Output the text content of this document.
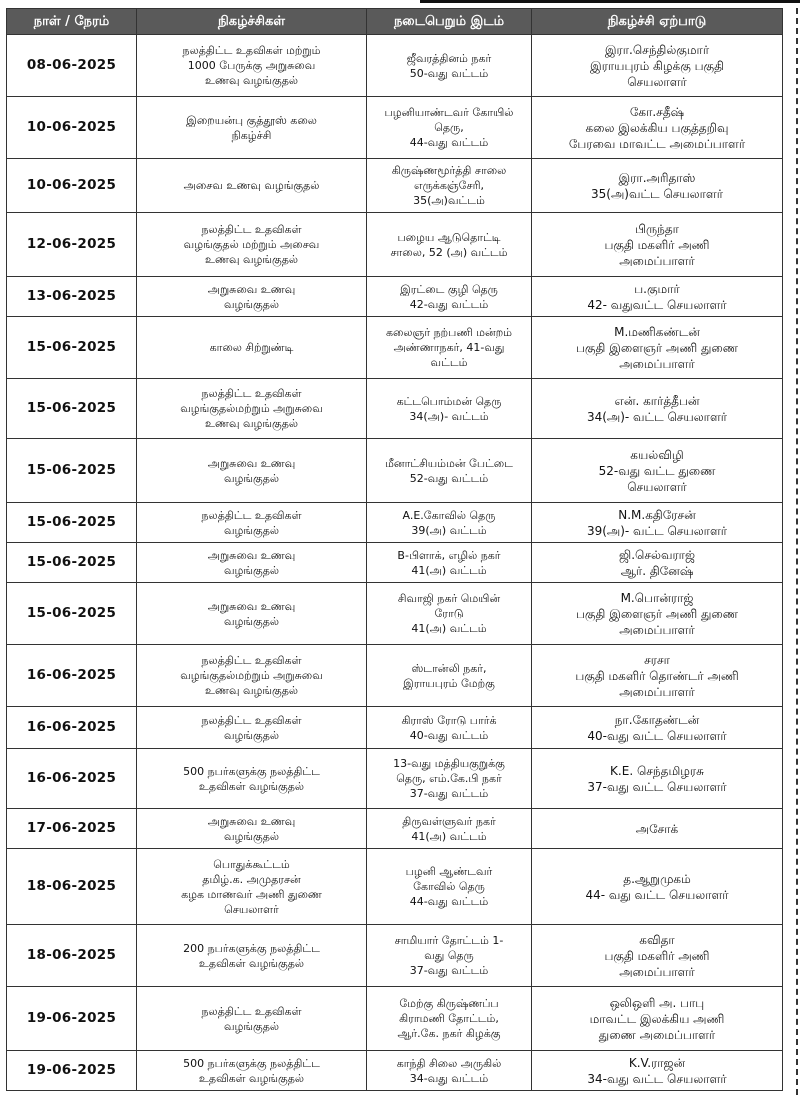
நாள் / நேரம்	நிகழ்ச்சிகள்	நடைபெறும் இடம்	நிகழ்ச்சி ஏற்பாடு
08-06-2025	நலத்திட்ட உதவிகள் மற்றும்
1000 பேருக்கு அறுசுவை
உணவு வழங்குதல்	ஜீவரத்தினம் நகர்
50-வது வட்டம்	இரா.செந்தில்குமார்
இராயபுரம் கிழக்கு பகுதி
செயலாளர்

10-06-2025	இறையன்பு குத்தூஸ் கலை
நிகழ்ச்சி	பழனியாண்டவர் கோயில்
தெரு,
44-வது வட்டம்	கோ.சதீஷ்
கலை இலக்கிய பகுத்தறிவு
பேரவை மாவட்ட அமைப்பாளர்

10-06-2025	அசைவ உணவு வழங்குதல்	கிருஷ்ணமூர்த்தி சாலை
எருக்கஞ்சேரி,
35(அ)வட்டம்	இரா.அரிதாஸ்
35(அ)வட்ட செயலாளர்

12-06-2025	நலத்திட்ட உதவிகள்
வழங்குதல் மற்றும் அசைவ
உணவு வழங்குதல்	பழைய ஆடுதொட்டி
சாலை, 52 (அ) வட்டம்	பிருந்தா
பகுதி மகளிர் அணி
அமைப்பாளர்

13-06-2025	அறுசுவை உணவு
வழங்குதல்	இரட்டை குழி தெரு
42-வது வட்டம்	ப.குமார்
42- வதுவட்ட செயலாளர்

15-06-2025	காலை சிற்றுண்டி	கலைஞர் நற்பணி மன்றம்
அண்ணாநகர், 41-வது
வட்டம்	M.மணிகண்டன்
பகுதி இளைஞர் அணி துணை
அமைப்பாளர்

15-06-2025	நலத்திட்ட உதவிகள்
வழங்குதல்மற்றும் அறுசுவை
உணவு வழங்குதல்	கட்டபொம்மன் தெரு
34(அ)- வட்டம்	என். கார்த்தீபன்
34(அ)- வட்ட செயலாளர்

15-06-2025	அறுசுவை உணவு
வழங்குதல்	மீனாட்சியம்மன் பேட்டை
52-வது வட்டம்	கயல்விழி
52-வது வட்ட துணை
செயலாளர்

15-06-2025	நலத்திட்ட உதவிகள்
வழங்குதல்	A.E.கோவில் தெரு
39(அ) வட்டம்	N.M.கதிரேசன்
39(அ)- வட்ட செயலாளர்

15-06-2025	அறுசுவை உணவு
வழங்குதல்	B-பிளாக், எழில் நகர்
41(அ) வட்டம்	ஜி.செல்வராஜ்
ஆர். தினேஷ்

15-06-2025	அறுசுவை உணவு
வழங்குதல்	சிவாஜி நகர் மெயின்
ரோடு
41(அ) வட்டம்	M.பொன்ராஜ்
பகுதி இளைஞர் அணி துணை
அமைப்பாளர்

16-06-2025	நலத்திட்ட உதவிகள்
வழங்குதல்மற்றும் அறுசுவை
உணவு வழங்குதல்	ஸ்டான்லி நகர்,
இராயபுரம் மேற்கு	சரசா
பகுதி மகளிர் தொண்டர் அணி
அமைப்பாளர்

16-06-2025	நலத்திட்ட உதவிகள்
வழங்குதல்	கிராஸ் ரோடு பார்க்
40-வது வட்டம்	நா.கோதண்டன்
40-வது வட்ட செயலாளர்

16-06-2025	500 நபர்களுக்கு நலத்திட்ட
உதவிகள் வழங்குதல்	13-வது மத்தியகுறுக்கு
தெரு, எம்.கே.பி நகர்
37-வது வட்டம்	K.E. செந்தமிழரசு
37-வது வட்ட செயலாளர்

17-06-2025	அறுசுவை உணவு
வழங்குதல்	திருவள்ளுவர் நகர்
41(அ) வட்டம்	அசோக்

18-06-2025	பொதுக்கூட்டம்
தமிழ்.க. அமுதரசன்
கழக மாணவர் அணி துணை
செயலாளர்	பழனி ஆண்டவர்
கோவில் தெரு
44-வது வட்டம்	த.ஆறுமுகம்
44- வது வட்ட செயலாளர்

18-06-2025	200 நபர்களுக்கு நலத்திட்ட
உதவிகள் வழங்குதல்	சாமியார் தோட்டம் 1-
வது தெரு
37-வது வட்டம்	கவிதா
பகுதி மகளிர் அணி
அமைப்பாளர்

19-06-2025	நலத்திட்ட உதவிகள்
வழங்குதல்	மேற்கு கிருஷ்ணப்ப
கிராமணி தோட்டம்,
ஆர்.கே. நகர் கிழக்கு	ஒலிஒளி அ. பாபு
மாவட்ட இலக்கிய அணி
துணை அமைப்பாளர்

19-06-2025	500 நபர்களுக்கு நலத்திட்ட
உதவிகள் வழங்குதல்	காந்தி சிலை அருகில்
34-வது வட்டம்	K.V.ராஜன்
34-வது வட்ட செயலாளர்
